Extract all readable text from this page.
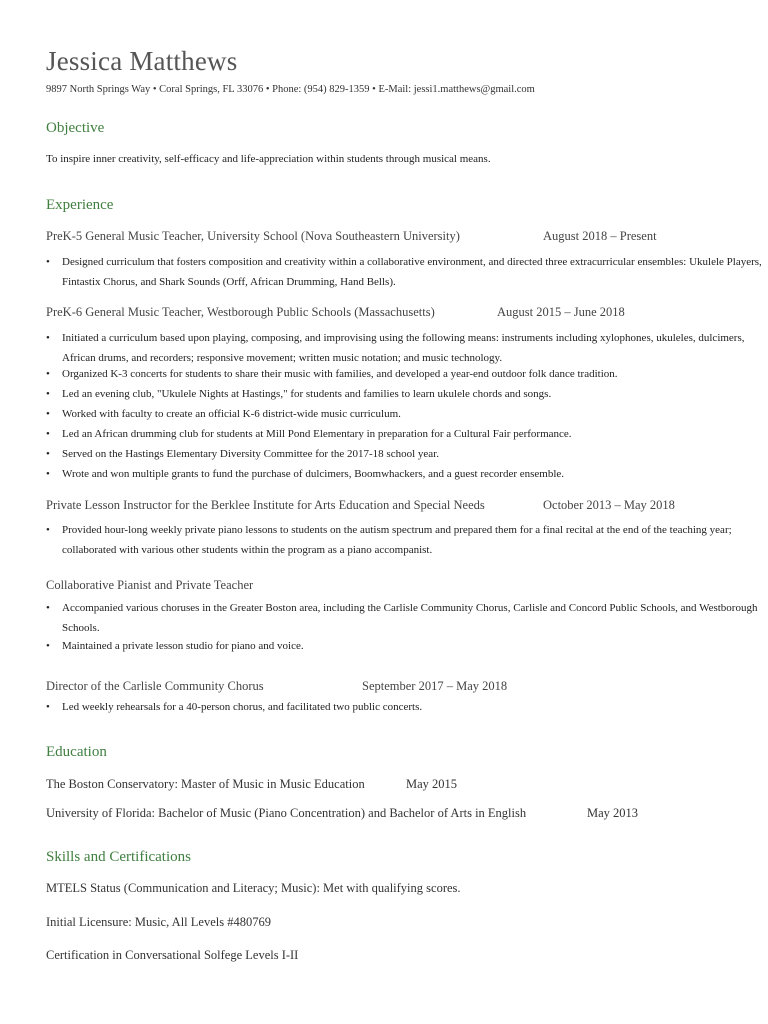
Jessica Matthews
9897 North Springs Way • Coral Springs, FL 33076 • Phone: (954) 829-1359 • E-Mail: jessi1.matthews@gmail.com
Objective
To inspire inner creativity, self-efficacy and life-appreciation within students through musical means.
Experience
PreK-5 General Music Teacher, University School (Nova Southeastern University)	August 2018 – Present
• Designed curriculum that fosters composition and creativity within a collaborative environment, and directed three extracurricular ensembles: Ukulele Players, Fintastix Chorus, and Shark Sounds (Orff, African Drumming, Hand Bells).
PreK-6 General Music Teacher, Westborough Public Schools (Massachusetts)	August 2015 – June 2018
• Initiated a curriculum based upon playing, composing, and improvising using the following means: instruments including xylophones, ukuleles, dulcimers, African drums, and recorders; responsive movement; written music notation; and music technology.
• Organized K-3 concerts for students to share their music with families, and developed a year-end outdoor folk dance tradition.
• Led an evening club, "Ukulele Nights at Hastings," for students and families to learn ukulele chords and songs.
• Worked with faculty to create an official K-6 district-wide music curriculum.
• Led an African drumming club for students at Mill Pond Elementary in preparation for a Cultural Fair performance.
• Served on the Hastings Elementary Diversity Committee for the 2017-18 school year.
• Wrote and won multiple grants to fund the purchase of dulcimers, Boomwhackers, and a guest recorder ensemble.
Private Lesson Instructor for the Berklee Institute for Arts Education and Special Needs	October 2013 – May 2018
• Provided hour-long weekly private piano lessons to students on the autism spectrum and prepared them for a final recital at the end of the teaching year; collaborated with various other students within the program as a piano accompanist.
Collaborative Pianist and Private Teacher
• Accompanied various choruses in the Greater Boston area, including the Carlisle Community Chorus, Carlisle and Concord Public Schools, and Westborough Schools.
• Maintained a private lesson studio for piano and voice.
Director of the Carlisle Community Chorus	September 2017 – May 2018
• Led weekly rehearsals for a 40-person chorus, and facilitated two public concerts.
Education
The Boston Conservatory: Master of Music in Music Education	May 2015
University of Florida: Bachelor of Music (Piano Concentration) and Bachelor of Arts in English	May 2013
Skills and Certifications
MTELS Status (Communication and Literacy; Music): Met with qualifying scores.
Initial Licensure: Music, All Levels #480769
Certification in Conversational Solfege Levels I-II
